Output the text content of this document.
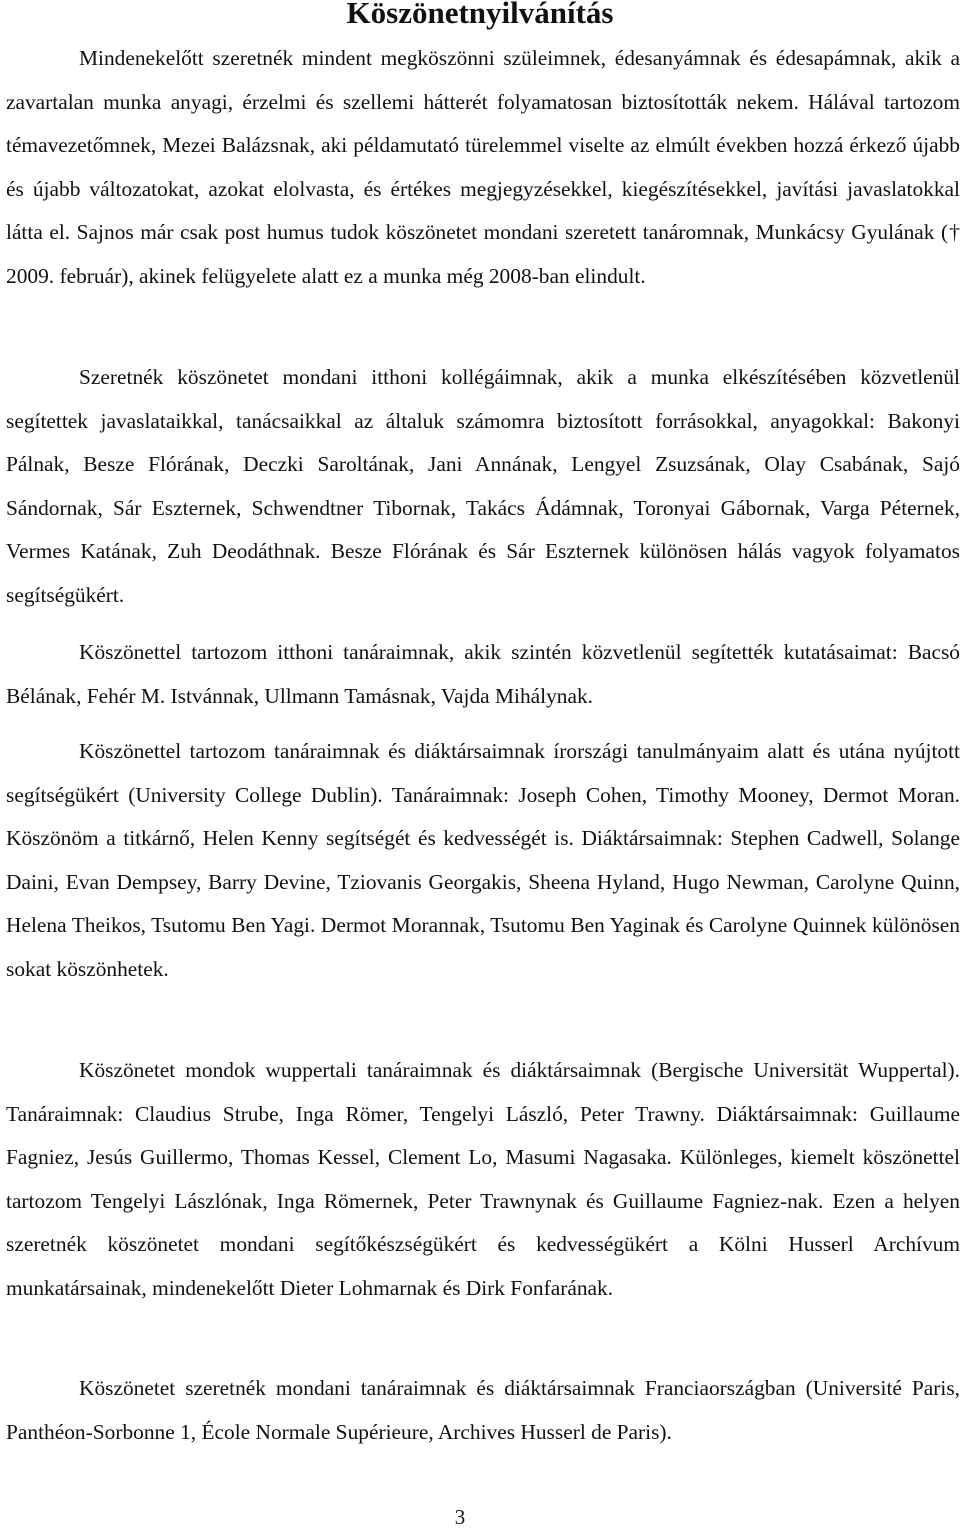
Köszönetnyilvánítás

Mindenekelőtt szeretnék mindent megköszönni szüleimnek, édesanyámnak és édesapámnak, akik a zavartalan munka anyagi, érzelmi és szellemi hátterét folyamatosan biztosították nekem. Hálával tartozom témavezetőmnek, Mezei Balázsnak, aki példamutató türelemmel viselte az elmúlt években hozzá érkező újabb és újabb változatokat, azokat elolvasta, és értékes megjegyzésekkel, kiegészítésekkel, javítási javaslatokkal látta el. Sajnos már csak post humus tudok köszönetet mondani szeretett tanáromnak, Munkácsy Gyulának († 2009. február), akinek felügyelete alatt ez a munka még 2008-ban elindult.

Szeretnék köszönetet mondani itthoni kollégáimnak, akik a munka elkészítésében közvetlenül segítettek javaslataikkal, tanácsaikkal az általuk számomra biztosított forrásokkal, anyagokkal: Bakonyi Pálnak, Besze Flórának, Deczki Saroltának, Jani Annának, Lengyel Zsuzsának, Olay Csabának, Sajó Sándornak, Sár Eszternek, Schwendtner Tibornak, Takács Ádámnak, Toronyai Gábornak, Varga Péternek, Vermes Katának, Zuh Deodáthnak. Besze Flórának és Sár Eszternek különösen hálás vagyok folyamatos segítségükért.

Köszönettel tartozom itthoni tanáraimnak, akik szintén közvetlenül segítették kutatásaimat: Bacsó Bélának, Fehér M. Istvánnak, Ullmann Tamásnak, Vajda Mihálynak.

Köszönettel tartozom tanáraimnak és diáktársaimnak írországi tanulmányaim alatt és utána nyújtott segítségükért (University College Dublin). Tanáraimnak: Joseph Cohen, Timothy Mooney, Dermot Moran. Köszönöm a titkárnő, Helen Kenny segítségét és kedvességét is. Diáktársaimnak: Stephen Cadwell, Solange Daini, Evan Dempsey, Barry Devine, Tziovanis Georgakis, Sheena Hyland, Hugo Newman, Carolyne Quinn, Helena Theikos, Tsutomu Ben Yagi. Dermot Morannak, Tsutomu Ben Yaginak és Carolyne Quinnek különösen sokat köszönhetek.

Köszönetet mondok wuppertali tanáraimnak és diáktársaimnak (Bergische Universität Wuppertal). Tanáraimnak: Claudius Strube, Inga Römer, Tengelyi László, Peter Trawny. Diáktársaimnak: Guillaume Fagniez, Jesús Guillermo, Thomas Kessel, Clement Lo, Masumi Nagasaka. Különleges, kiemelt köszönettel tartozom Tengelyi Lászlónak, Inga Römernek, Peter Trawnynak és Guillaume Fagniez-nak. Ezen a helyen szeretnék köszönetet mondani segítőkészségükért és kedvességükért a Kölni Husserl Archívum munkatársainak, mindenekelőtt Dieter Lohmarnak és Dirk Fonfarának.

Köszönetet szeretnék mondani tanáraimnak és diáktársaimnak Franciaországban (Université Paris, Panthéon-Sorbonne 1, École Normale Supérieure, Archives Husserl de Paris).

3
